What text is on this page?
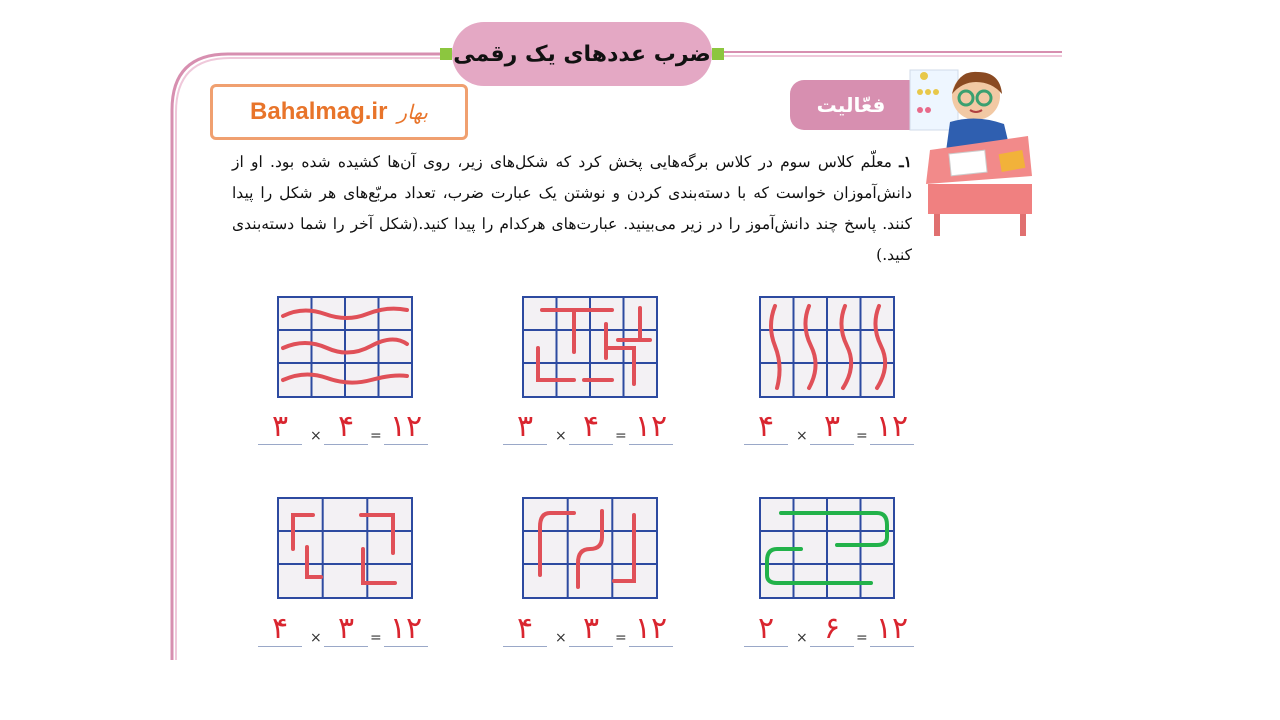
ضرب عددهای یک رقمی
Bahalmag.ir بهار	فعّالیت
۱ـ معلّم کلاس سوم در کلاس برگه‌هایی پخش کرد که شکل‌های زیر، روی آن‌ها کشیده شده بود. او از دانش‌آموزان خواست که با دسته‌بندی کردن و نوشتن یک عبارت ضرب، تعداد مربّع‌های هر شکل را پیدا کنند. پاسخ چند دانش‌آموز را در زیر می‌بینید. عبارت‌های هرکدام را پیدا کنید.(شکل آخر را شما دسته‌بندی کنید.)
۳	× ۴	= ۱۲	۳	× ۴	= ۱۲	۴	× ۳	= ۱۲
۴	× ۳	= ۱۲	۴	× ۳	= ۱۲	۲	× ۶	= ۱۲
